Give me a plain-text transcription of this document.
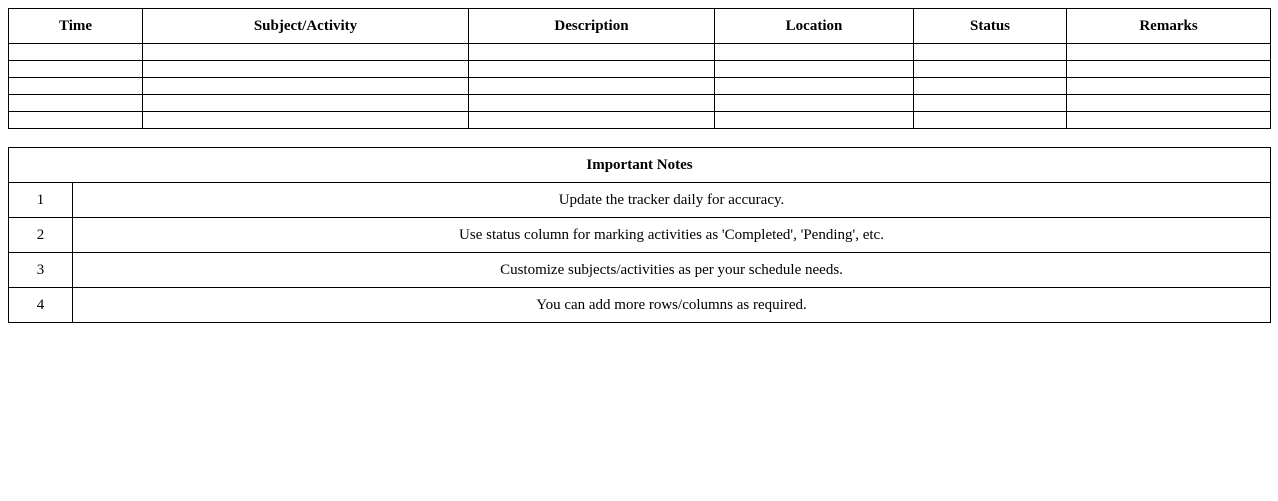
Time	Subject/Activity	Description	Location	Status	Remarks

Important Notes	
1	Update the tracker daily for accuracy.
2	Use status column for marking activities as 'Completed', 'Pending', etc.
3	Customize subjects/activities as per your schedule needs.
4	You can add more rows/columns as required.
